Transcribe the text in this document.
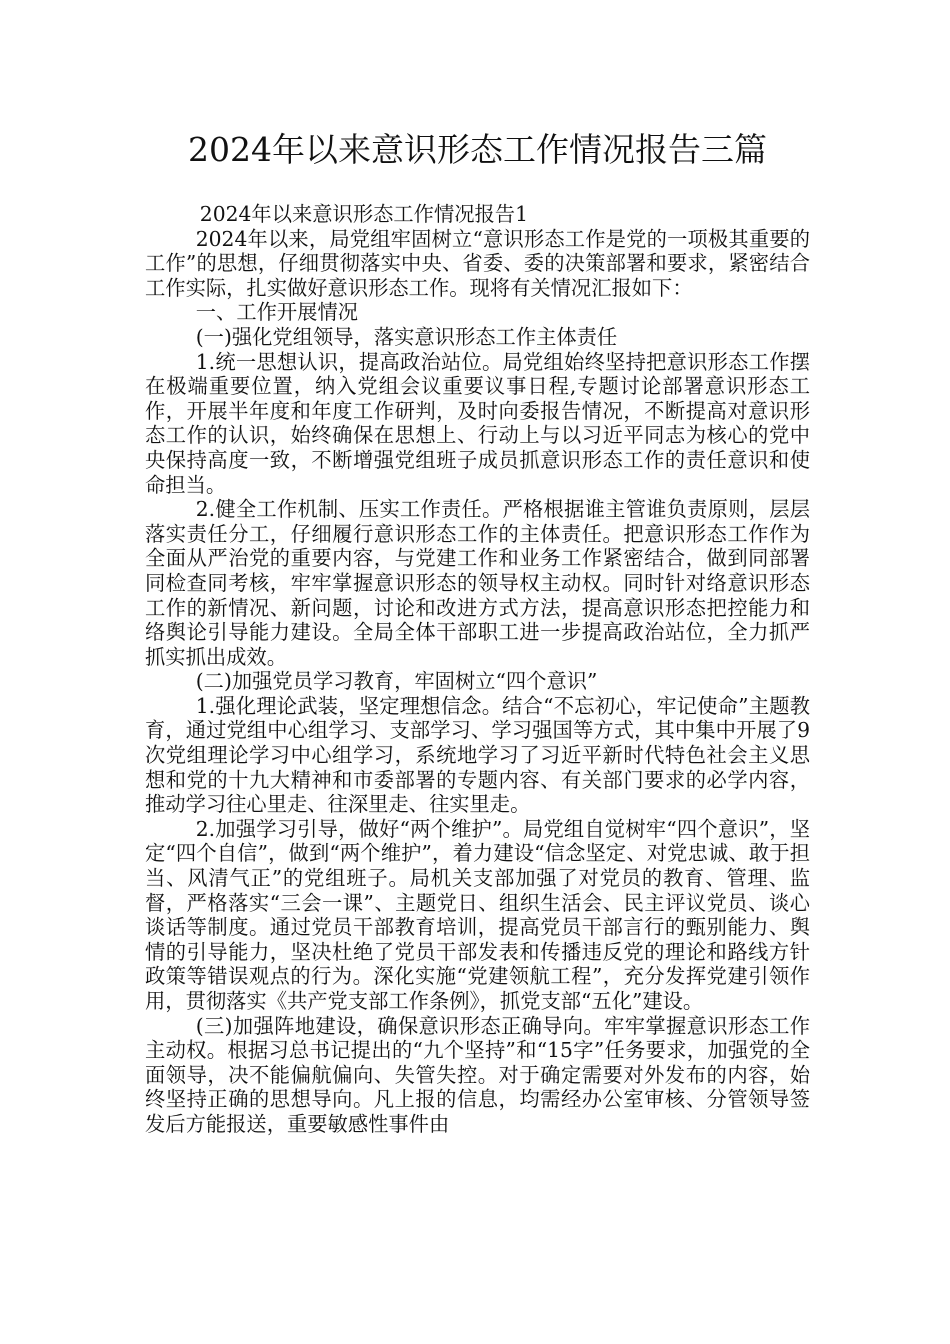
2024年以来意识形态工作情况报告三篇

2024年以来意识形态工作情况报告1

2024年以来，局党组牢固树立“意识形态工作是党的一项极其重要的工作”的思想，仔细贯彻落实中央、省委、委的决策部署和要求，紧密结合工作实际，扎实做好意识形态工作。现将有关情况汇报如下：

一、工作开展情况

(一)强化党组领导，落实意识形态工作主体责任

1.统一思想认识，提高政治站位。局党组始终坚持把意识形态工作摆在极端重要位置，纳入党组会议重要议事日程,专题讨论部署意识形态工作，开展半年度和年度工作研判，及时向委报告情况，不断提高对意识形态工作的认识，始终确保在思想上、行动上与以习近平同志为核心的党中央保持高度一致，不断增强党组班子成员抓意识形态工作的责任意识和使命担当。

2.健全工作机制、压实工作责任。严格根据谁主管谁负责原则，层层落实责任分工，仔细履行意识形态工作的主体责任。把意识形态工作作为全面从严治党的重要内容，与党建工作和业务工作紧密结合，做到同部署同检查同考核，牢牢掌握意识形态的领导权主动权。同时针对络意识形态工作的新情况、新问题，讨论和改进方式方法，提高意识形态把控能力和络舆论引导能力建设。全局全体干部职工进一步提高政治站位，全力抓严抓实抓出成效。

(二)加强党员学习教育，牢固树立“四个意识”

1.强化理论武装，坚定理想信念。结合“不忘初心，牢记使命”主题教育，通过党组中心组学习、支部学习、学习强国等方式，其中集中开展了9次党组理论学习中心组学习，系统地学习了习近平新时代特色社会主义思想和党的十九大精神和市委部署的专题内容、有关部门要求的必学内容，推动学习往心里走、往深里走、往实里走。

2.加强学习引导，做好“两个维护”。局党组自觉树牢“四个意识”，坚定“四个自信”，做到“两个维护”，着力建设“信念坚定、对党忠诚、敢于担当、风清气正”的党组班子。局机关支部加强了对党员的教育、管理、监督，严格落实“三会一课”、主题党日、组织生活会、民主评议党员、谈心谈话等制度。通过党员干部教育培训，提高党员干部言行的甄别能力、舆情的引导能力，坚决杜绝了党员干部发表和传播违反党的理论和路线方针政策等错误观点的行为。深化实施“党建领航工程”，充分发挥党建引领作用，贯彻落实《共产党支部工作条例》，抓党支部“五化”建设。

(三)加强阵地建设，确保意识形态正确导向。牢牢掌握意识形态工作主动权。根据习总书记提出的“九个坚持”和“15字”任务要求，加强党的全面领导，决不能偏航偏向、失管失控。对于确定需要对外发布的内容，始终坚持正确的思想导向。凡上报的信息，均需经办公室审核、分管领导签发后方能报送，重要敏感性事件由
